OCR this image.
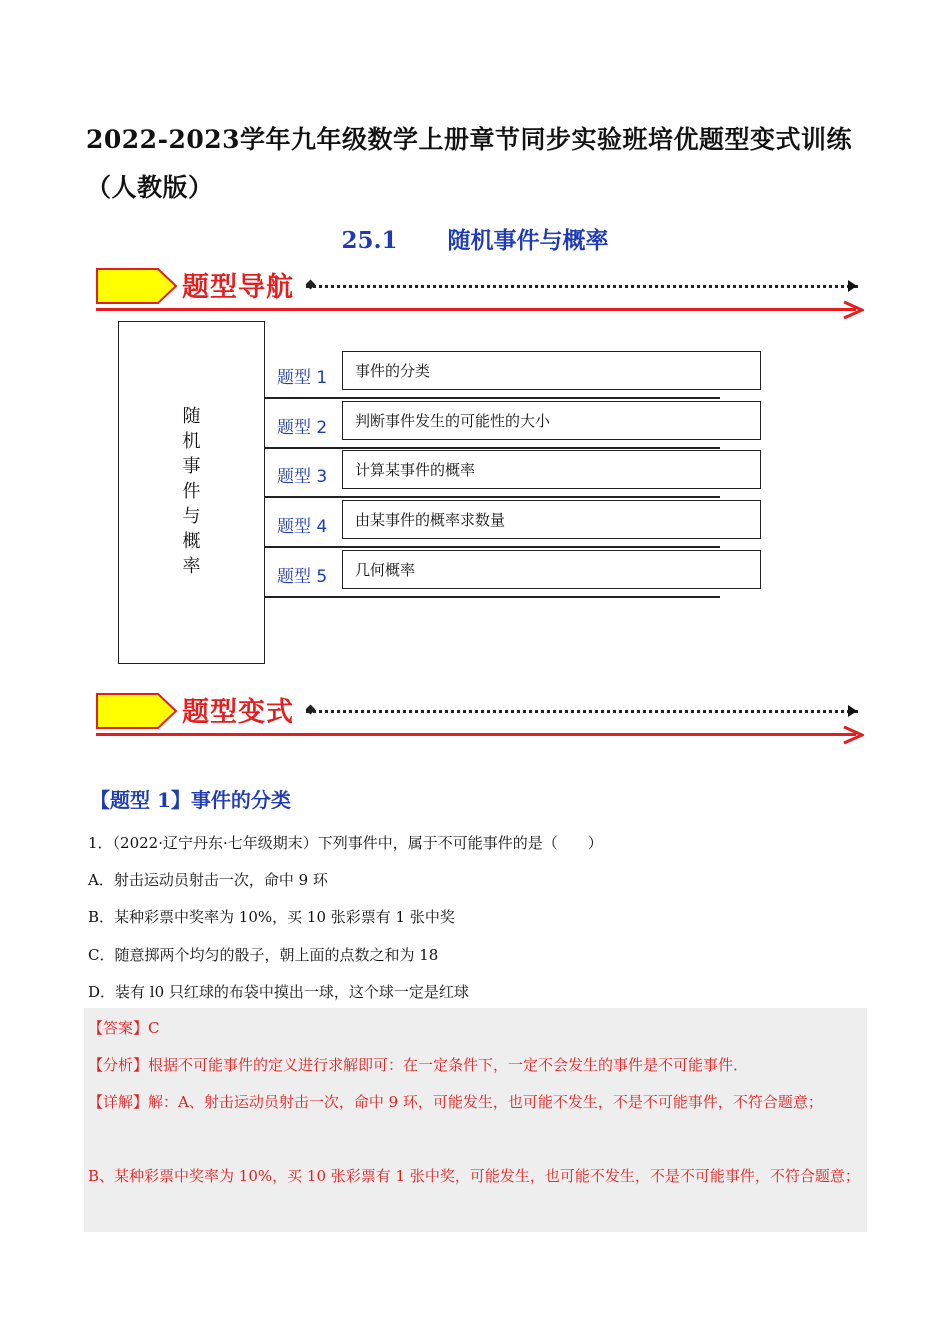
2022-2023学年九年级数学上册章节同步实验班培优题型变式训练（人教版）
25.1 随机事件与概率
题型导航
随
机
事
件
与
概
率
题型 1	事件的分类
题型 2	判断事件发生的可能性的大小
题型 3	计算某事件的概率
题型 4	由某事件的概率求数量
题型 5	几何概率
题型变式
【题型 1】事件的分类
1．（2022·辽宁丹东·七年级期末）下列事件中，属于不可能事件的是（　　）
A．射击运动员射击一次，命中 9 环
B．某种彩票中奖率为 10%，买 10 张彩票有 1 张中奖
C．随意掷两个均匀的骰子，朝上面的点数之和为 18
D．装有 l0 只红球的布袋中摸出一球，这个球一定是红球
【答案】C
【分析】根据不可能事件的定义进行求解即可：在一定条件下，一定不会发生的事件是不可能事件．
【详解】解：A、射击运动员射击一次，命中 9 环，可能发生，也可能不发生，不是不可能事件，不符合题意；
B、某种彩票中奖率为 10%，买 10 张彩票有 1 张中奖，可能发生，也可能不发生，不是不可能事件，不符合题意；
